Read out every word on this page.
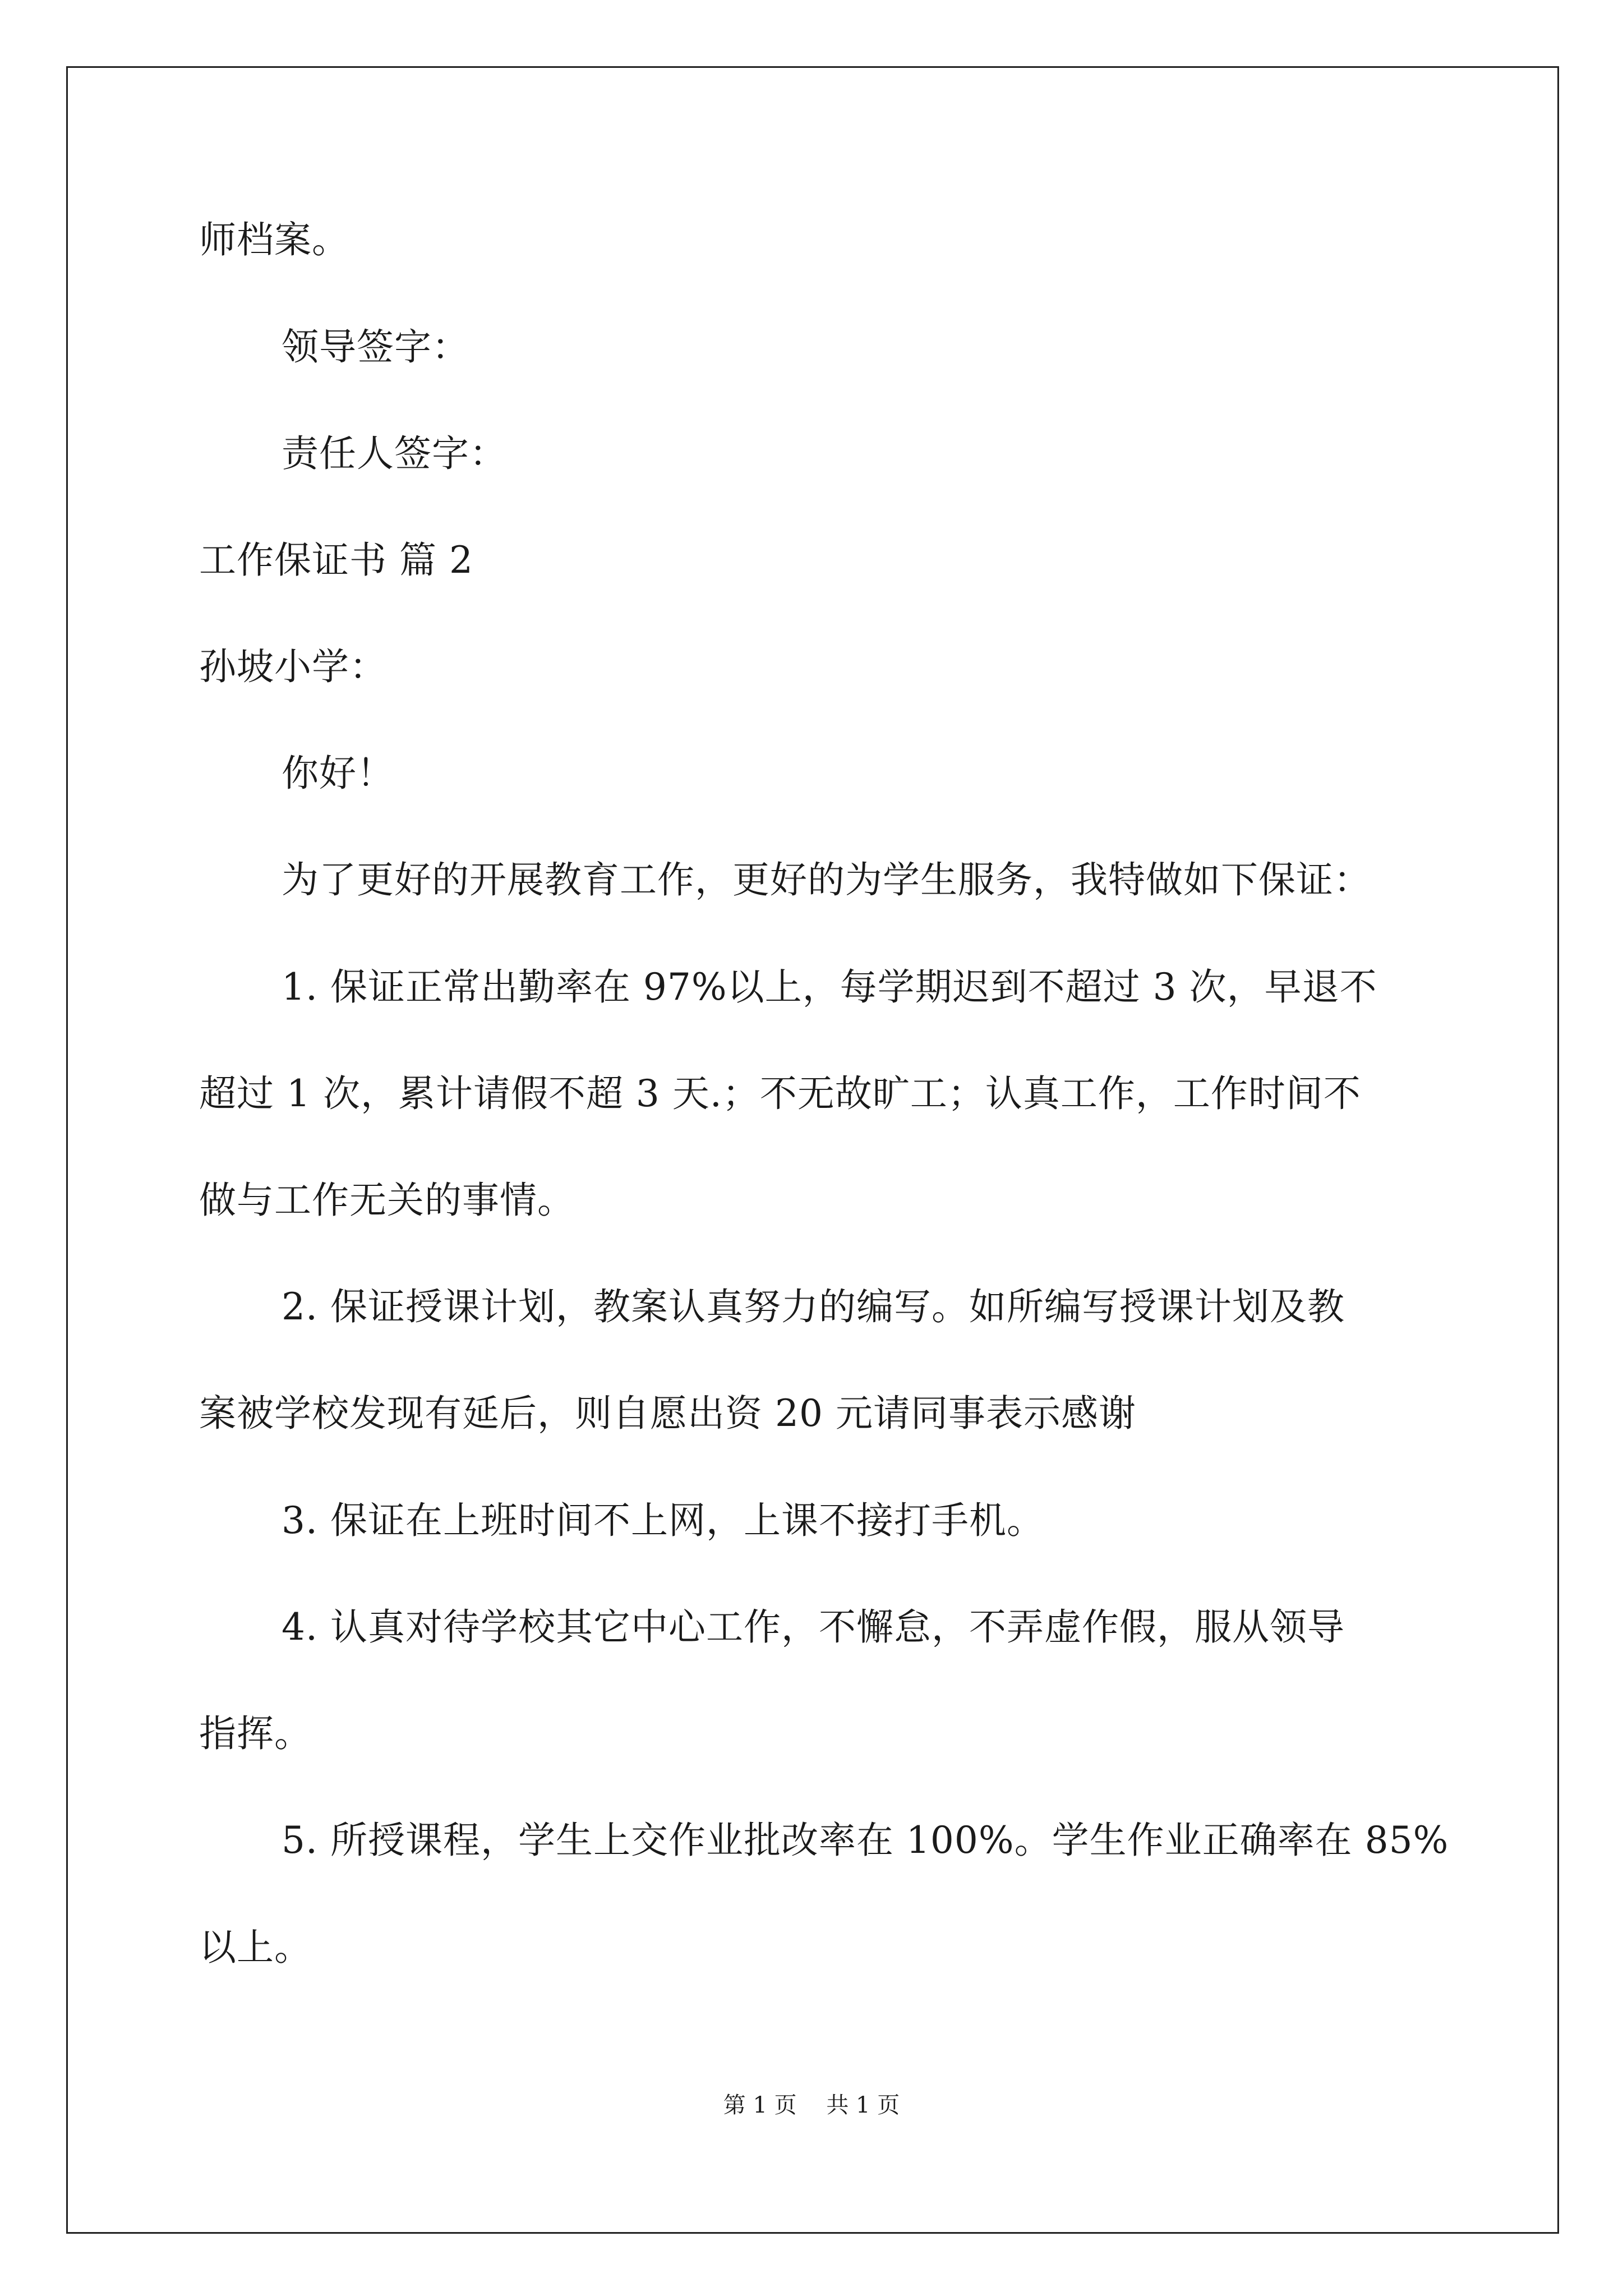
师档案。
领导签字：
责任人签字：
工作保证书 篇 2
孙坡小学：
你好！
为了更好的开展教育工作，更好的为学生服务，我特做如下保证：
1. 保证正常出勤率在 97%以上，每学期迟到不超过 3 次，早退不
超过 1 次，累计请假不超 3 天.；不无故旷工；认真工作，工作时间不
做与工作无关的事情。
2. 保证授课计划，教案认真努力的编写。如所编写授课计划及教
案被学校发现有延后，则自愿出资 20 元请同事表示感谢
3. 保证在上班时间不上网，上课不接打手机。
4. 认真对待学校其它中心工作，不懈怠，不弄虚作假，服从领导
指挥。
5. 所授课程，学生上交作业批改率在 100%。学生作业正确率在 85%
以上。
第 1 页　 共 1 页
